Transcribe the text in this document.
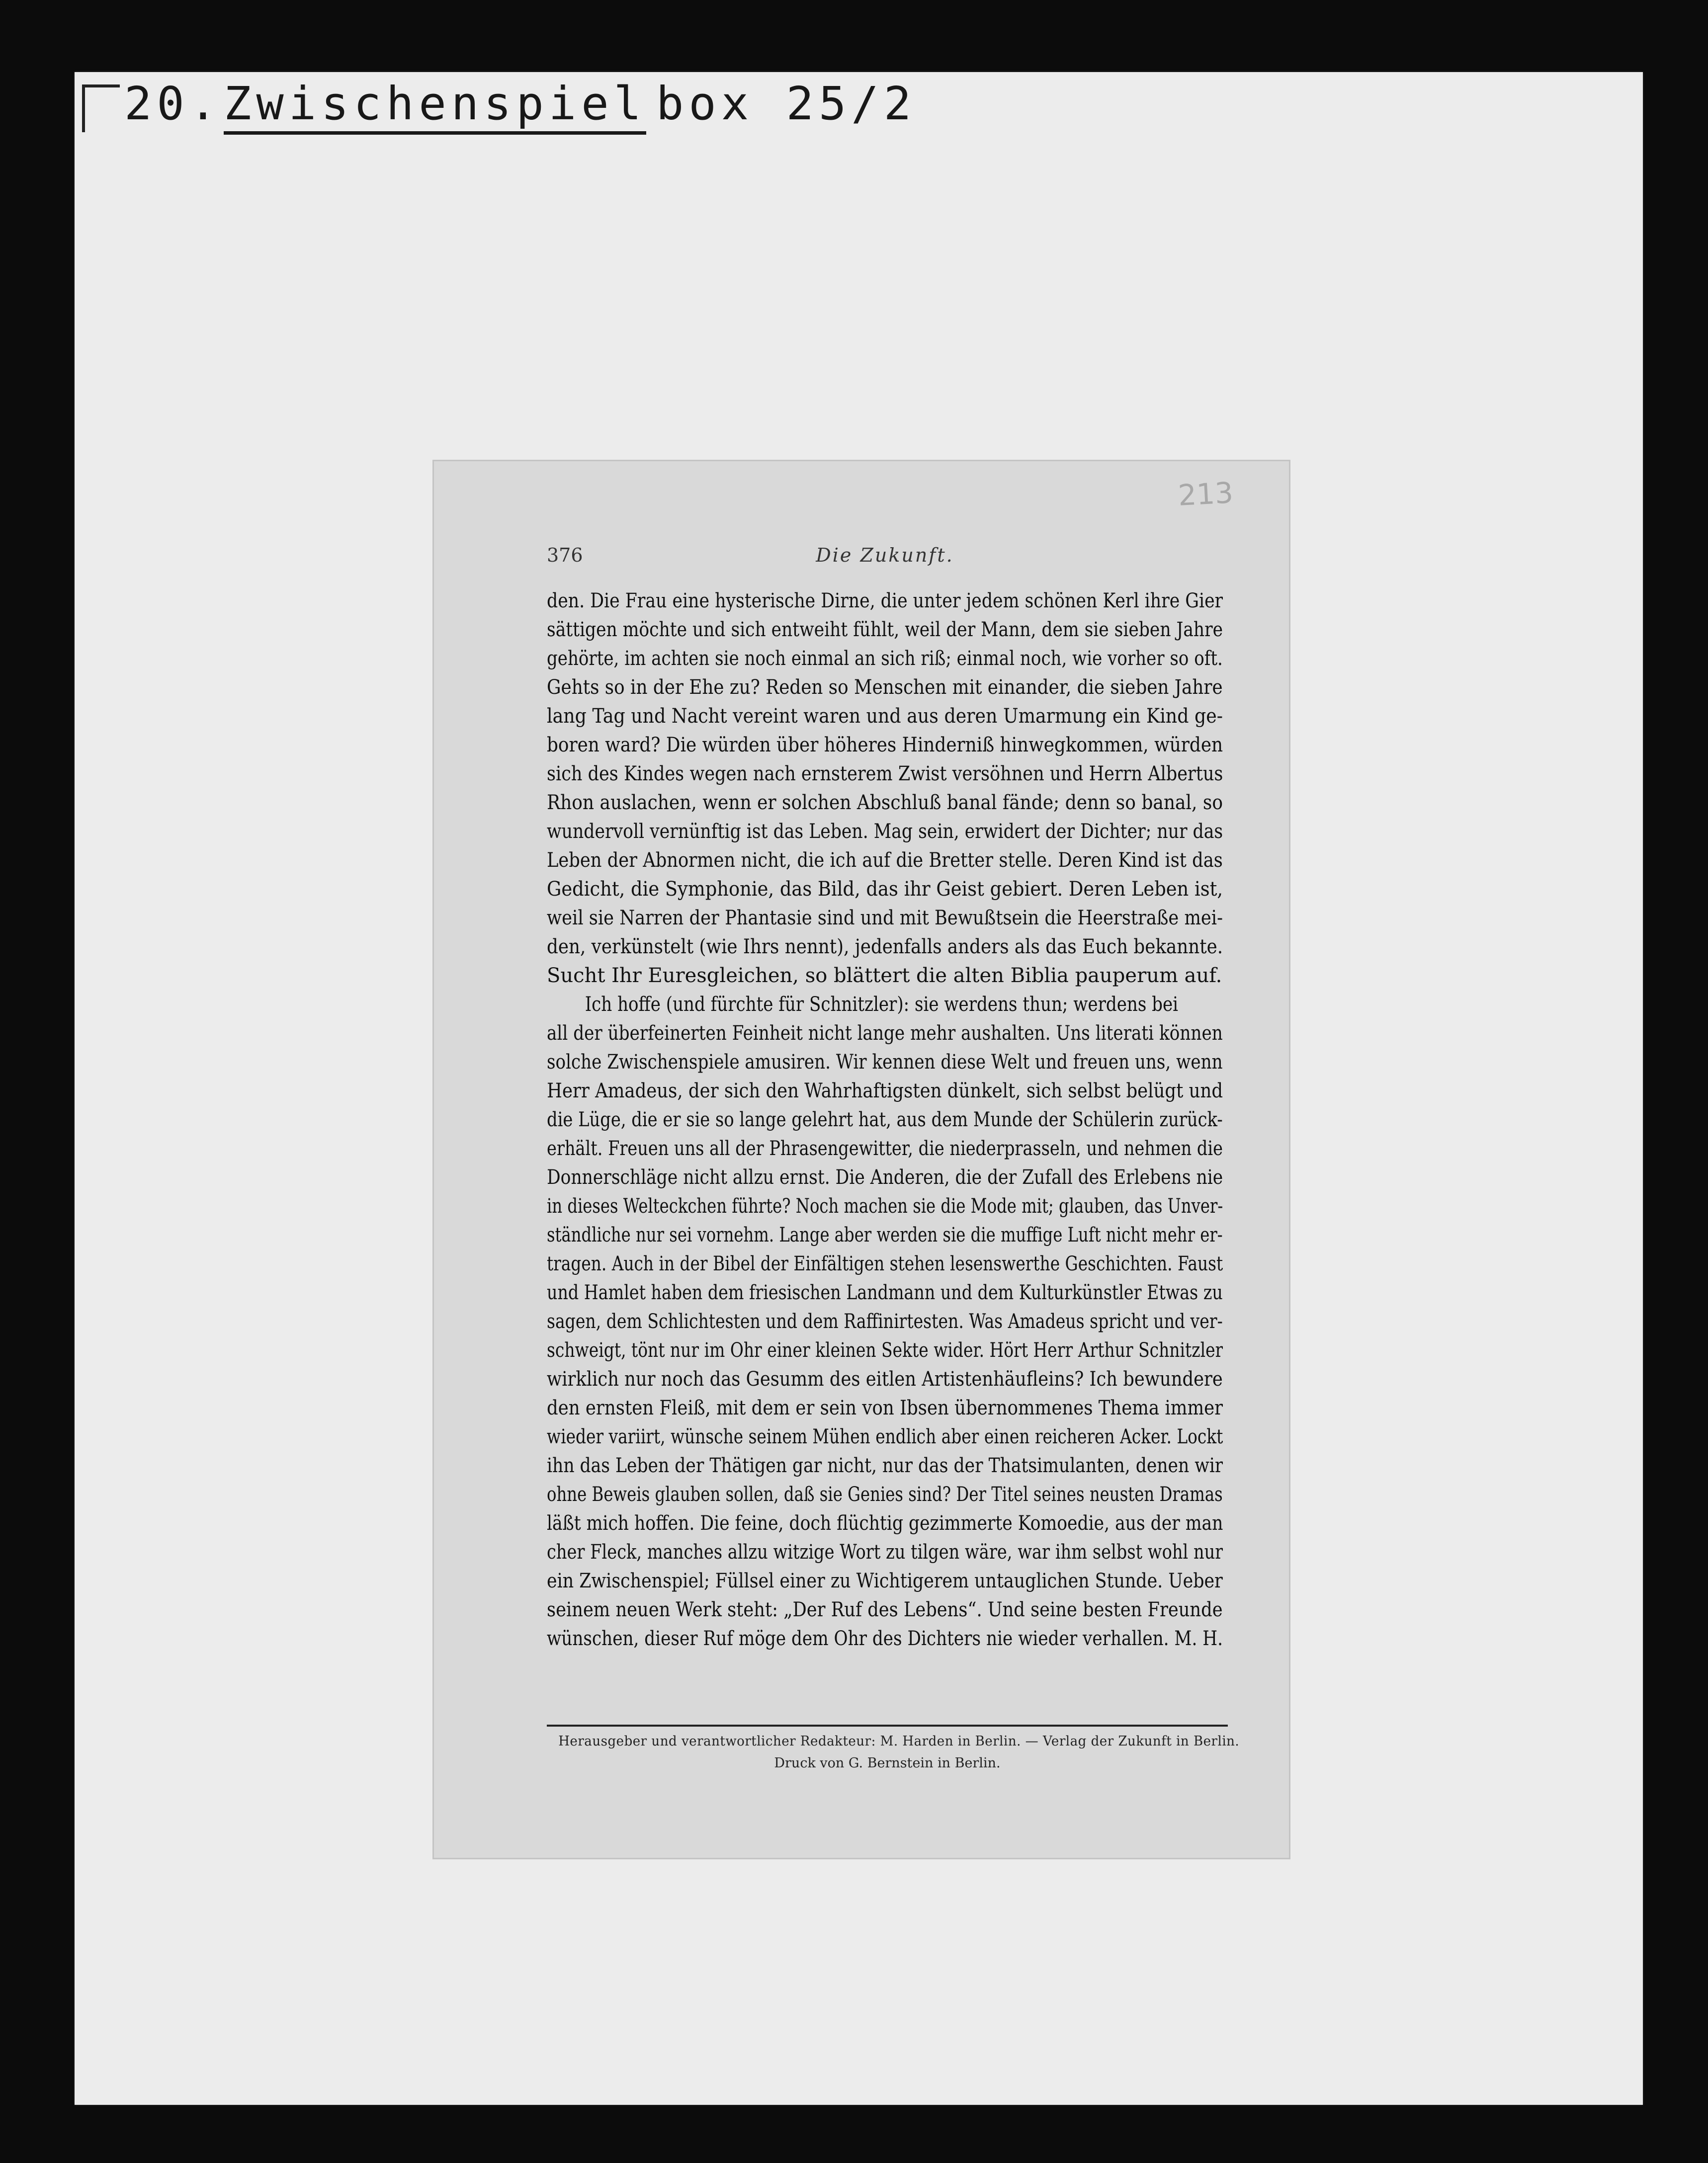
20. Zwischenspiel box 25/2
213
376	Die Zukunft.
den. Die Frau eine hysterische Dirne, die unter jedem schönen Kerl ihre Gier
sättigen möchte und sich entweiht fühlt, weil der Mann, dem sie sieben Jahre
gehörte, im achten sie noch einmal an sich riß; einmal noch, wie vorher so oft.
Gehts so in der Ehe zu? Reden so Menschen mit einander, die sieben Jahre
lang Tag und Nacht vereint waren und aus deren Umarmung ein Kind ge-
boren ward? Die würden über höheres Hinderniß hinwegkommen, würden
sich des Kindes wegen nach ernsterem Zwist versöhnen und Herrn Albertus
Rhon auslachen, wenn er solchen Abschluß banal fände; denn so banal, so
wundervoll vernünftig ist das Leben. Mag sein, erwidert der Dichter; nur das
Leben der Abnormen nicht, die ich auf die Bretter stelle. Deren Kind ist das
Gedicht, die Symphonie, das Bild, das ihr Geist gebiert. Deren Leben ist,
weil sie Narren der Phantasie sind und mit Bewußtsein die Heerstraße mei-
den, verkünstelt (wie Ihrs nennt), jedenfalls anders als das Euch bekannte.
Sucht Ihr Euresgleichen, so blättert die alten Biblia pauperum auf.
Ich hoffe (und fürchte für Schnitzler): sie werdens thun; werdens bei
all der überfeinerten Feinheit nicht lange mehr aushalten. Uns literati können
solche Zwischenspiele amusiren. Wir kennen diese Welt und freuen uns, wenn
Herr Amadeus, der sich den Wahrhaftigsten dünkelt, sich selbst belügt und
die Lüge, die er sie so lange gelehrt hat, aus dem Munde der Schülerin zurück-
erhält. Freuen uns all der Phrasengewitter, die niederprasseln, und nehmen die
Donnerschläge nicht allzu ernst. Die Anderen, die der Zufall des Erlebens nie
in dieses Welteckchen führte? Noch machen sie die Mode mit; glauben, das Unver-
ständliche nur sei vornehm. Lange aber werden sie die muffige Luft nicht mehr er-
tragen. Auch in der Bibel der Einfältigen stehen lesenswerthe Geschichten. Faust
und Hamlet haben dem friesischen Landmann und dem Kulturkünstler Etwas zu
sagen, dem Schlichtesten und dem Raffinirtesten. Was Amadeus spricht und ver-
schweigt, tönt nur im Ohr einer kleinen Sekte wider. Hört Herr Arthur Schnitzler
wirklich nur noch das Gesumm des eitlen Artistenhäufleins? Ich bewundere
den ernsten Fleiß, mit dem er sein von Ibsen übernommenes Thema immer
wieder variirt, wünsche seinem Mühen endlich aber einen reicheren Acker. Lockt
ihn das Leben der Thätigen gar nicht, nur das der Thatsimulanten, denen wir
ohne Beweis glauben sollen, daß sie Genies sind? Der Titel seines neusten Dramas
läßt mich hoffen. Die feine, doch flüchtig gezimmerte Komoedie, aus der man
cher Fleck, manches allzu witzige Wort zu tilgen wäre, war ihm selbst wohl nur
ein Zwischenspiel; Füllsel einer zu Wichtigerem untauglichen Stunde. Ueber
seinem neuen Werk steht: „Der Ruf des Lebens“. Und seine besten Freunde
wünschen, dieser Ruf möge dem Ohr des Dichters nie wieder verhallen. M. H.
Herausgeber und verantwortlicher Redakteur: M. Harden in Berlin. — Verlag der Zukunft in Berlin.
Druck von G. Bernstein in Berlin.
